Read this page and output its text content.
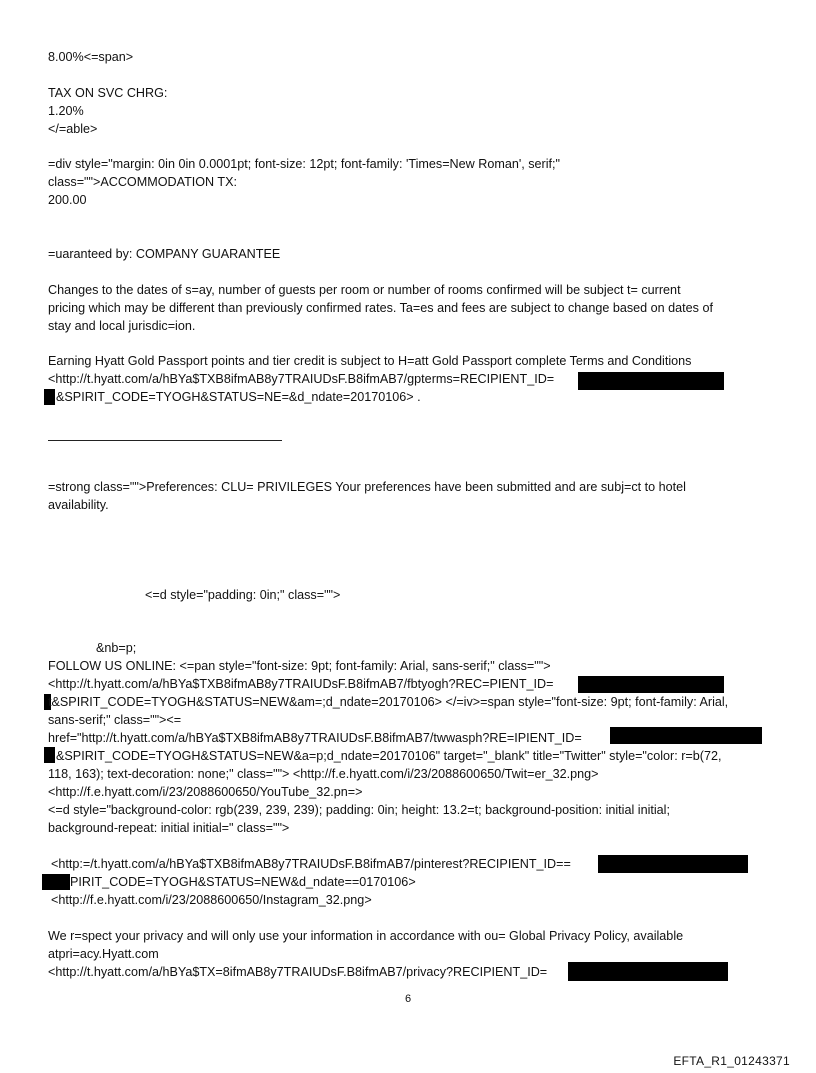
8.00%<=span>
TAX ON SVC CHRG:
1.20%
</=able>
=div style="margin: 0in 0in 0.0001pt; font-size: 12pt; font-family: 'Times=New Roman', serif;"
class="">ACCOMMODATION TX:
200.00
=uaranteed by: COMPANY GUARANTEE
Changes to the dates of s=ay, number of guests per room or number of rooms confirmed will be subject t= current
pricing which may be different than previously confirmed rates. Ta=es and fees are subject to change based on dates of
stay and local jurisdic=ion.
Earning Hyatt Gold Passport points and tier credit is subject to H=att Gold Passport complete Terms and Conditions
<http://t.hyatt.com/a/hBYa$TXB8ifmAB8y7TRAIUDsF.B8ifmAB7/gpterms=RECIPIENT_ID=
&SPIRIT_CODE=TYOGH&STATUS=NE=&d_ndate=20170106> .
=strong class="">Preferences: CLU= PRIVILEGES Your preferences have been submitted and are subj=ct to hotel
availability.
<=d style="padding: 0in;" class="">
&nb=p;
FOLLOW US ONLINE: <=pan style="font-size: 9pt; font-family: Arial, sans-serif;" class="">
<http://t.hyatt.com/a/hBYa$TXB8ifmAB8y7TRAIUDsF.B8ifmAB7/fbtyogh?REC=PIENT_ID=
t&SPIRIT_CODE=TYOGH&STATUS=NEW&am=;d_ndate=20170106> </=iv>=span style="font-size: 9pt; font-family: Arial,
sans-serif;" class=""><=
href="http://t.hyatt.com/a/hBYa$TXB8ifmAB8y7TRAIUDsF.B8ifmAB7/twwasph?RE=IPIENT_ID=
&SPIRIT_CODE=TYOGH&STATUS=NEW&a=p;d_ndate=20170106" target="_blank" title="Twitter" style="color: r=b(72,
118, 163); text-decoration: none;" class=""> <http://f.e.hyatt.com/i/23/2088600650/Twit=er_32.png>
<http://f.e.hyatt.com/i/23/2088600650/YouTube_32.pn=>
<=d style="background-color: rgb(239, 239, 239); padding: 0in; height: 13.2=t; background-position: initial initial;
background-repeat: initial initial=" class="">
<http:=/t.hyatt.com/a/hBYa$TXB8ifmAB8y7TRAIUDsF.B8ifmAB7/pinterest?RECIPIENT_ID==
PIRIT_CODE=TYOGH&STATUS=NEW&d_ndate==0170106>
<http://f.e.hyatt.com/i/23/2088600650/Instagram_32.png>
We r=spect your privacy and will only use your information in accordance with ou= Global Privacy Policy, available
atpri=acy.Hyatt.com
<http://t.hyatt.com/a/hBYa$TX=8ifmAB8y7TRAIUDsF.B8ifmAB7/privacy?RECIPIENT_ID=
6
EFTA_R1_01243371
